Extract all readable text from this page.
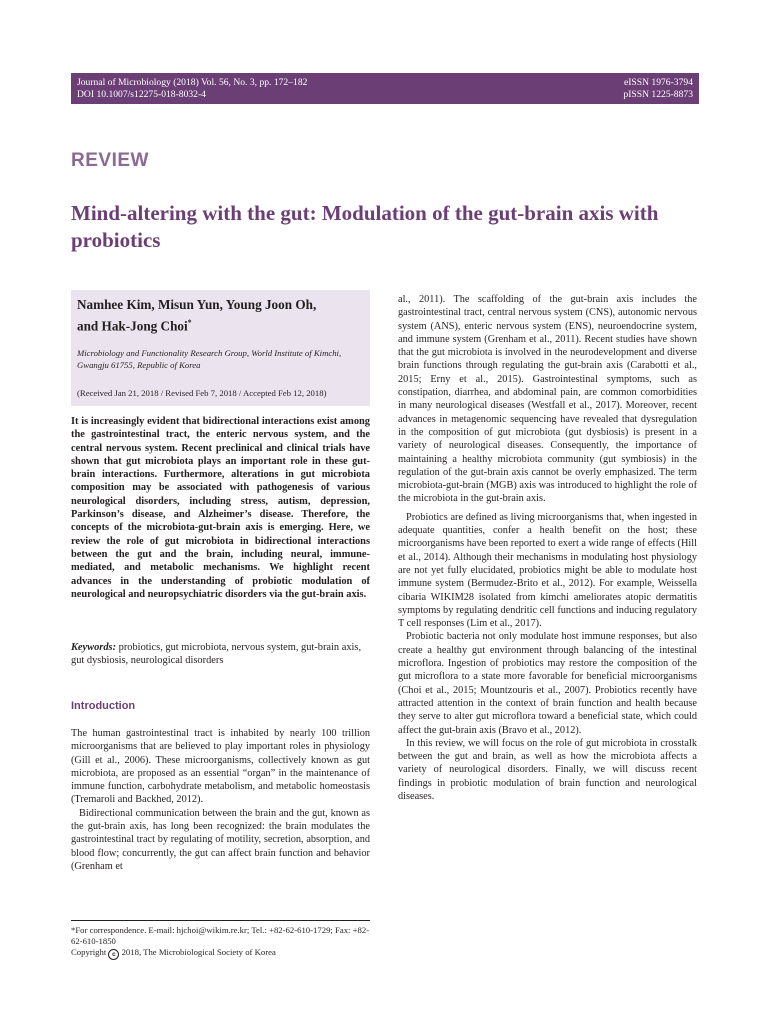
Journal of Microbiology (2018) Vol. 56, No. 3, pp. 172–182
DOI 10.1007/s12275-018-8032-4
eISSN 1976-3794
pISSN 1225-8873
REVIEW
Mind-altering with the gut: Modulation of the gut-brain axis with probiotics
Namhee Kim, Misun Yun, Young Joon Oh,
and Hak-Jong Choi*
Microbiology and Functionality Research Group, World Institute of Kimchi, Gwangju 61755, Republic of Korea
(Received Jan 21, 2018 / Revised Feb 7, 2018 / Accepted Feb 12, 2018)

It is increasingly evident that bidirectional interactions exist among the gastrointestinal tract, the enteric nervous system, and the central nervous system. Recent preclinical and clinical trials have shown that gut microbiota plays an important role in these gut-brain interactions. Furthermore, alterations in gut microbiota composition may be associated with pathogenesis of various neurological disorders, including stress, autism, depression, Parkinson’s disease, and Alzheimer’s disease. Therefore, the concepts of the microbiota-gut-brain axis is emerging. Here, we review the role of gut microbiota in bidirectional interactions between the gut and the brain, including neural, immune-mediated, and metabolic mechanisms. We highlight recent advances in the understanding of probiotic modulation of neurological and neuropsychiatric disorders via the gut-brain axis.

Keywords: probiotics, gut microbiota, nervous system, gut-brain axis, gut dysbiosis, neurological disorders

Introduction

The human gastrointestinal tract is inhabited by nearly 100 trillion microorganisms that are believed to play important roles in physiology (Gill et al., 2006). These microorganisms, collectively known as gut microbiota, are proposed as an essential “organ” in the maintenance of immune function, carbohydrate metabolism, and metabolic homeostasis (Tremaroli and Backhed, 2012).

Bidirectional communication between the brain and the gut, known as the gut-brain axis, has long been recognized: the brain modulates the gastrointestinal tract by regulating of motility, secretion, absorption, and blood flow; concurrently, the gut can affect brain function and behavior (Grenham et

al., 2011). The scaffolding of the gut-brain axis includes the gastrointestinal tract, central nervous system (CNS), autonomic nervous system (ANS), enteric nervous system (ENS), neuroendocrine system, and immune system (Grenham et al., 2011). Recent studies have shown that the gut microbiota is involved in the neurodevelopment and diverse brain functions through regulating the gut-brain axis (Carabotti et al., 2015; Erny et al., 2015). Gastrointestinal symptoms, such as constipation, diarrhea, and abdominal pain, are common comorbidities in many neurological diseases (Westfall et al., 2017). Moreover, recent advances in metagenomic sequencing have revealed that dysregulation in the composition of gut microbiota (gut dysbiosis) is present in a variety of neurological diseases. Consequently, the importance of maintaining a healthy microbiota community (gut symbiosis) in the regulation of the gut-brain axis cannot be overly emphasized. The term microbiota-gut-brain (MGB) axis was introduced to highlight the role of the microbiota in the gut-brain axis.

Probiotics are defined as living microorganisms that, when ingested in adequate quantities, confer a health benefit on the host; these microorganisms have been reported to exert a wide range of effects (Hill et al., 2014). Although their mechanisms in modulating host physiology are not yet fully elucidated, probiotics might be able to modulate host immune system (Bermudez-Brito et al., 2012). For example, Weissella cibaria WIKIM28 isolated from kimchi ameliorates atopic dermatitis symptoms by regulating dendritic cell functions and inducing regulatory T cell responses (Lim et al., 2017).

Probiotic bacteria not only modulate host immune responses, but also create a healthy gut environment through balancing of the intestinal microflora. Ingestion of probiotics may restore the composition of the gut microflora to a state more favorable for beneficial microorganisms (Choi et al., 2015; Mountzouris et al., 2007). Probiotics recently have attracted attention in the context of brain function and health because they serve to alter gut microflora toward a beneficial state, which could affect the gut-brain axis (Bravo et al., 2012).

In this review, we will focus on the role of gut microbiota in crosstalk between the gut and brain, as well as how the microbiota affects a variety of neurological disorders. Finally, we will discuss recent findings in probiotic modulation of brain function and neurological diseases.

*For correspondence. E-mail: hjchoi@wikim.re.kr; Tel.: +82-62-610-1729; Fax: +82-62-610-1850
Copyright c 2018, The Microbiological Society of Korea
